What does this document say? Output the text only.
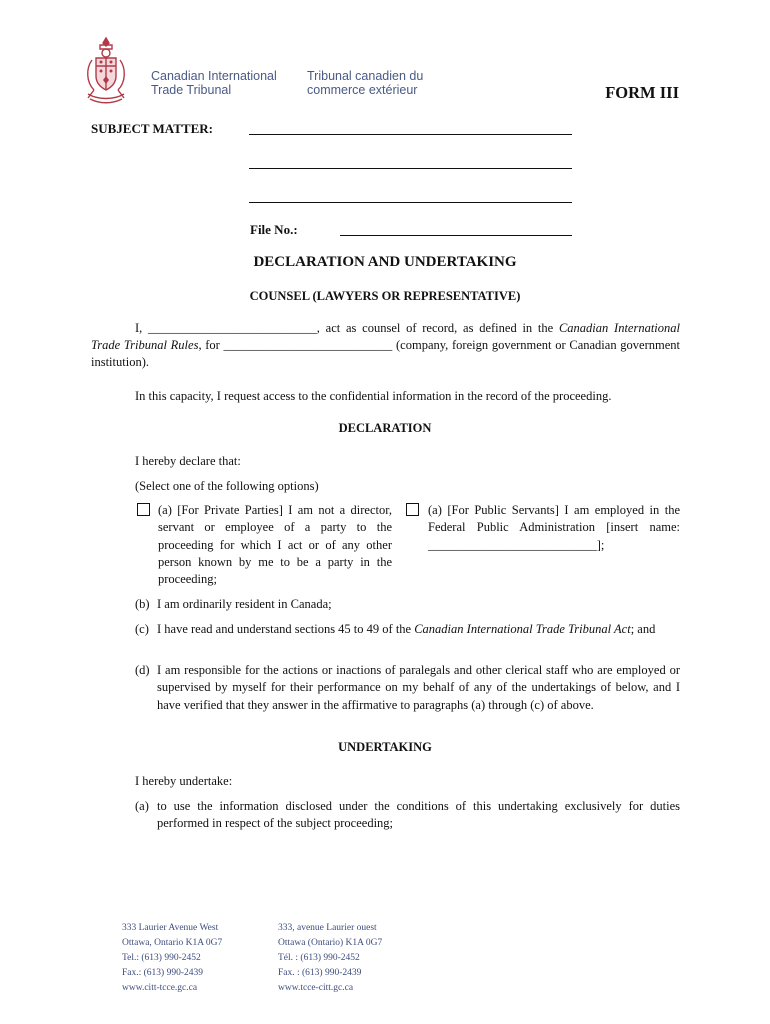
Canadian International
Trade Tribunal
Tribunal canadien du
commerce extérieur	FORM III
SUBJECT MATTER:
File No.:
DECLARATION AND UNDERTAKING
COUNSEL (LAWYERS OR REPRESENTATIVE)
I, ___________________________, act as counsel of record, as defined in the Canadian International Trade Tribunal Rules, for ___________________________ (company, foreign government or Canadian government institution).
In this capacity, I request access to the confidential information in the record of the proceeding.
DECLARATION
I hereby declare that:
(Select one of the following options)
(a) [For Private Parties] I am not a director, servant or employee of a party to the proceeding for which I act or of any other person known by me to be a party in the proceeding;
(a) [For Public Servants] I am employed in the Federal Public Administration [insert name: ___________________________];
(b) I am ordinarily resident in Canada;
(c) I have read and understand sections 45 to 49 of the Canadian International Trade Tribunal Act; and
(d) I am responsible for the actions or inactions of paralegals and other clerical staff who are employed or supervised by myself for their performance on my behalf of any of the undertakings of below, and I have verified that they answer in the affirmative to paragraphs (a) through (c) of above.
UNDERTAKING
I hereby undertake:
(a) to use the information disclosed under the conditions of this undertaking exclusively for duties performed in respect of the subject proceeding;
333 Laurier Avenue West
Ottawa, Ontario K1A 0G7
Tel.: (613) 990-2452
Fax.: (613) 990-2439
www.citt-tcce.gc.ca
333, avenue Laurier ouest
Ottawa (Ontario) K1A 0G7
Tél. : (613) 990-2452
Fax. : (613) 990-2439
www.tcce-citt.gc.ca
